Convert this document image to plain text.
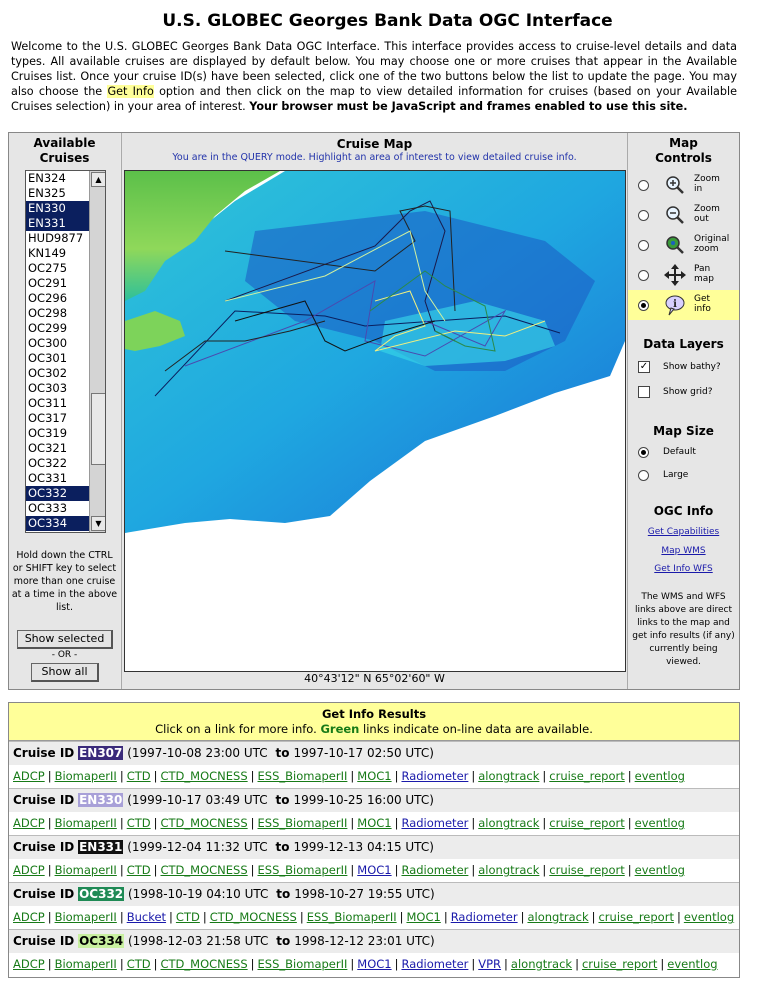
U.S. GLOBEC Georges Bank Data OGC Interface
Welcome to the U.S. GLOBEC Georges Bank Data OGC Interface. This interface provides access to cruise-level details and data types. All available cruises are displayed by default below. You may choose one or more cruises that appear in the Available Cruises list. Once your cruise ID(s) have been selected, click one of the two buttons below the list to update the page. You may also choose the Get Info option and then click on the map to view detailed information for cruises (based on your Available Cruises selection) in your area of interest. Your browser must be JavaScript and frames enabled to use this site.
Available
Cruises
EN324
EN325
EN330
EN331
HUD9877
KN149
OC275
OC291
OC296
OC298
OC299
OC300
OC301
OC302
OC303
OC311
OC317
OC319
OC321
OC322
OC331
OC332
OC333
OC334
▲
▼
Hold down the CTRL or SHIFT key to select more than one cruise at a time in the above list.
Show selected
- OR -
Show all
Cruise Map
You are in the QUERY mode. Highlight an area of interest to view detailed cruise info.
40°43'12" N 65°02'60" W
Map
Controls
Zoom
in
Zoom
out
Original
zoom
Pan
map
i Get
info
Data Layers
✓ Show bathy?
Show grid?
Map Size
Default
Large
OGC Info
Get Capabilities
Map WMS
Get Info WFS
The WMS and WFS links above are direct links to the map and get info results (if any) currently being viewed.
Get Info Results
Click on a link for more info. Green links indicate on-line data are available.
Cruise ID EN307 (1997-10-08 23:00 UTC to 1997-10-17 02:50 UTC)
ADCP | BiomaperII | CTD | CTD_MOCNESS | ESS_BiomaperII | MOC1 | Radiometer | alongtrack | cruise_report | eventlog
Cruise ID EN330 (1999-10-17 03:49 UTC to 1999-10-25 16:00 UTC)
ADCP | BiomaperII | CTD | CTD_MOCNESS | ESS_BiomaperII | MOC1 | Radiometer | alongtrack | cruise_report | eventlog
Cruise ID EN331 (1999-12-04 11:32 UTC to 1999-12-13 04:15 UTC)
ADCP | BiomaperII | CTD | CTD_MOCNESS | ESS_BiomaperII | MOC1 | Radiometer | alongtrack | cruise_report | eventlog
Cruise ID OC332 (1998-10-19 04:10 UTC to 1998-10-27 19:55 UTC)
ADCP | BiomaperII | Bucket | CTD | CTD_MOCNESS | ESS_BiomaperII | MOC1 | Radiometer | alongtrack | cruise_report | eventlog
Cruise ID OC334 (1998-12-03 21:58 UTC to 1998-12-12 23:01 UTC)
ADCP | BiomaperII | CTD | CTD_MOCNESS | ESS_BiomaperII | MOC1 | Radiometer | VPR | alongtrack | cruise_report | eventlog
